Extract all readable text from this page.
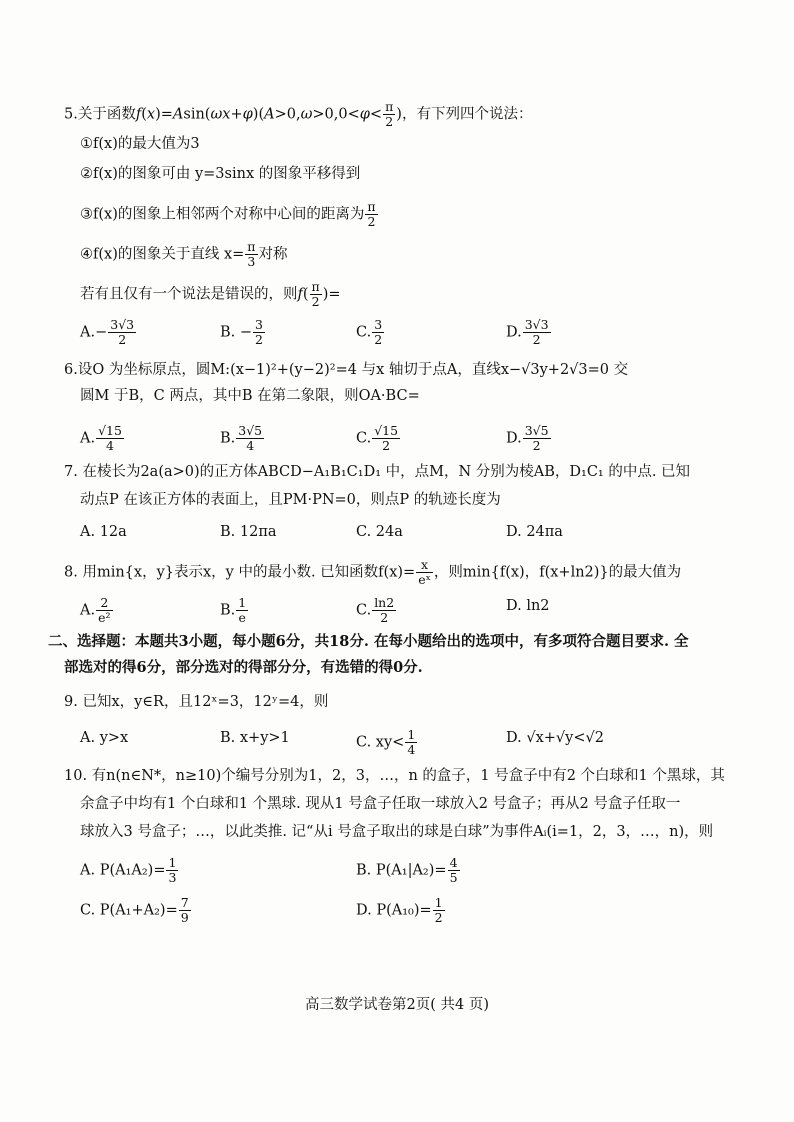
5.关于函数$f(x)=Asin(\omega x+\varphi)(A>0,\omega>0,0<\varphi< \frac{\pi}{2}$ )，有下列四个说法：
①f(x)的最大值为3
②f(x)的图象可由 y=3sinx 的图象平移得到
③f(x)的图象上相邻两个对称中心间的距离为 $\frac{\pi}{2}$
④f(x)的图象关于直线 $x= \frac{\pi}{3}$ 对称
若有且仅有一个说法是错误的，则$f( \frac{\pi}{2}$ )=
$A.- \frac{3√3}{2}$	B. − $\frac{3}{2}$	C. $\frac{3}{2}$	D. $\frac{3√3}{2}$
6.设O 为坐标原点，圆M:(x−1)²+(y−2)²=4 与x 轴切于点A，直线x−√3y+2√3=0 交
圆M 于B，C 两点，其中B 在第二象限，则OA·BC=
A. $\frac{√15}{4}$	B. $\frac{3√5}{4}$	C. $\frac{√15}{2}$	D. $\frac{3√5}{2}$
7. 在棱长为2a(a>0)的正方体ABCD−A₁B₁C₁D₁ 中，点M，N 分别为棱AB，D₁C₁ 的中点. 已知
动点P 在该正方体的表面上，且PM·PN=0，则点P 的轨迹长度为
A. 12a	B. 12πa	C. 24a	D. 24πa
8. 用min{x，y}表示x，y 中的最小数. 已知函数$f(x)= \frac{x}{\text{eˣ}}$ ，则min{f(x)，f(x+ln2)}的最大值为
A. $\frac{2}{\text{e²}}$	B. $\frac{1}{e}$	C. $\frac{\ln 2}{2}$	D. ln2
二、选择题：本题共3小题，每小题6分，共18分. 在每小题给出的选项中，有多项符合题目要求. 全
部选对的得6分，部分选对的得部分分，有选错的得0分.
9. 已知x，y∈R，且12ˣ=3，12ʸ=4，则
A. y>x	B. x+y>1	C. $xy< \frac{1}{4}$	D. √x+√y<√2
10. 有n(n∈N*，n≥10)个编号分别为1，2，3，…，n 的盒子，1 号盒子中有2 个白球和1 个黑球，其
余盒子中均有1 个白球和1 个黑球. 现从1 号盒子任取一球放入2 号盒子；再从2 号盒子任取一
球放入3 号盒子；…，以此类推. 记“从i 号盒子取出的球是白球”为事件Aᵢ(i=1，2，3，…，n)，则
A. $P(A_1A_2)= \frac{1}{3}$	B. $P(A_1|A_2)= \frac{4}{5}$
C. $P(A_1+A_2)= \frac{7}{9}$	D. $P(A_{10})= \frac{1}{2}$
高三数学试卷第2页( 共4 页)
